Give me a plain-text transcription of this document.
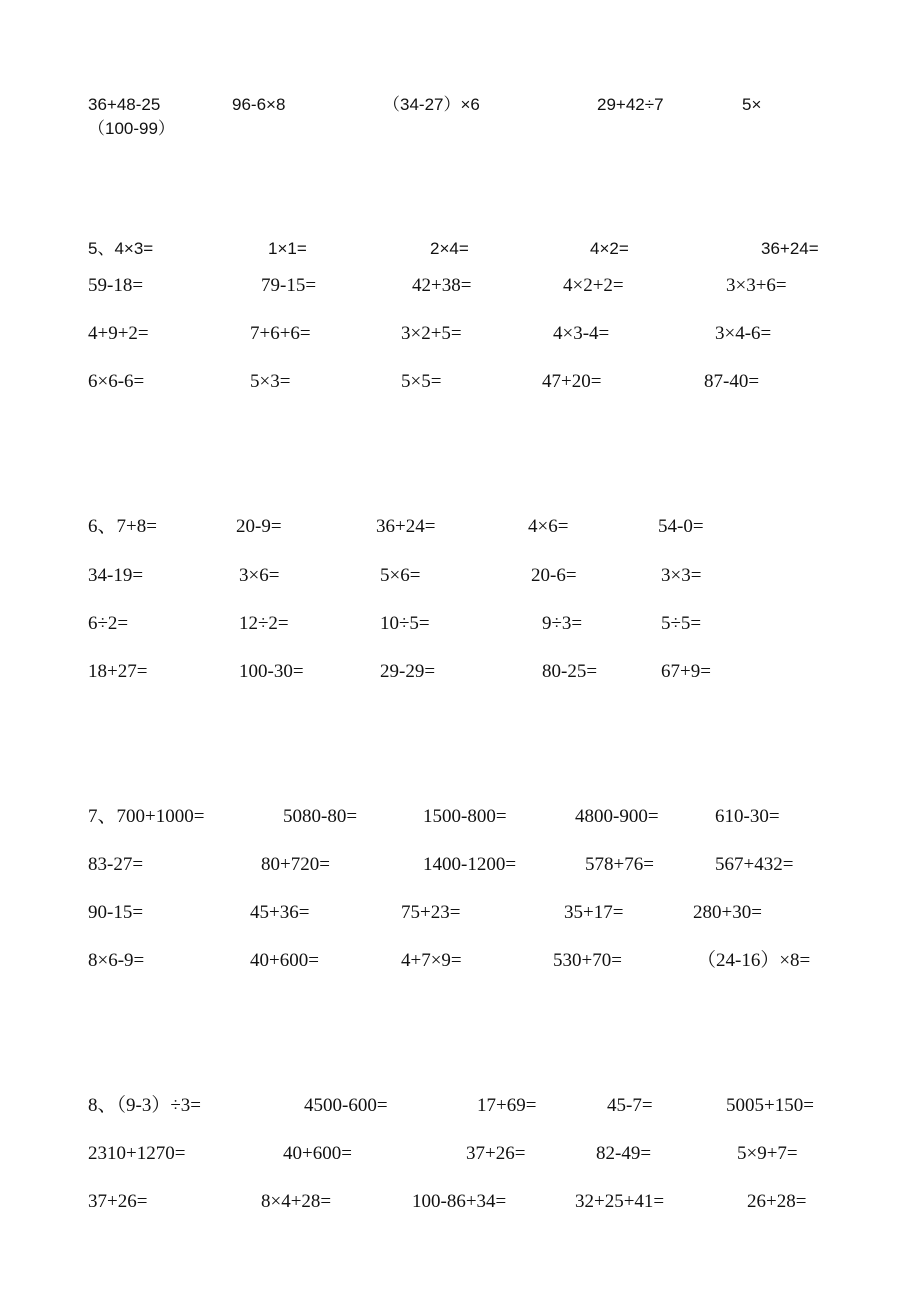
36+48-25	96-6×8	（34-27）×6	29+42÷7	5×
（100-99）
5、4×3=	1×1=	2×4=	4×2=	36+24=
59-18=	79-15=	42+38=	4×2+2=	3×3+6=
4+9+2=	7+6+6=	3×2+5=	4×3-4=	3×4-6=
6×6-6=	5×3=	5×5=	47+20=	87-40=
6、7+8=	20-9=	36+24=	4×6=	54-0=
34-19=	3×6=	5×6=	20-6=	3×3=
6÷2=	12÷2=	10÷5=	9÷3=	5÷5=
18+27=	100-30=	29-29=	80-25=	67+9=
7、700+1000=	5080-80=	1500-800=	4800-900=	610-30=
83-27=	80+720=	1400-1200=	578+76=	567+432=
90-15=	45+36=	75+23=	35+17=	280+30=
8×6-9=	40+600=	4+7×9=	530+70=	（24-16）×8=
8、（9-3）÷3=	4500-600=	17+69=	45-7=	5005+150=
2310+1270=	40+600=	37+26=	82-49=	5×9+7=
37+26=	8×4+28=	100-86+34=	32+25+41=	26+28=
